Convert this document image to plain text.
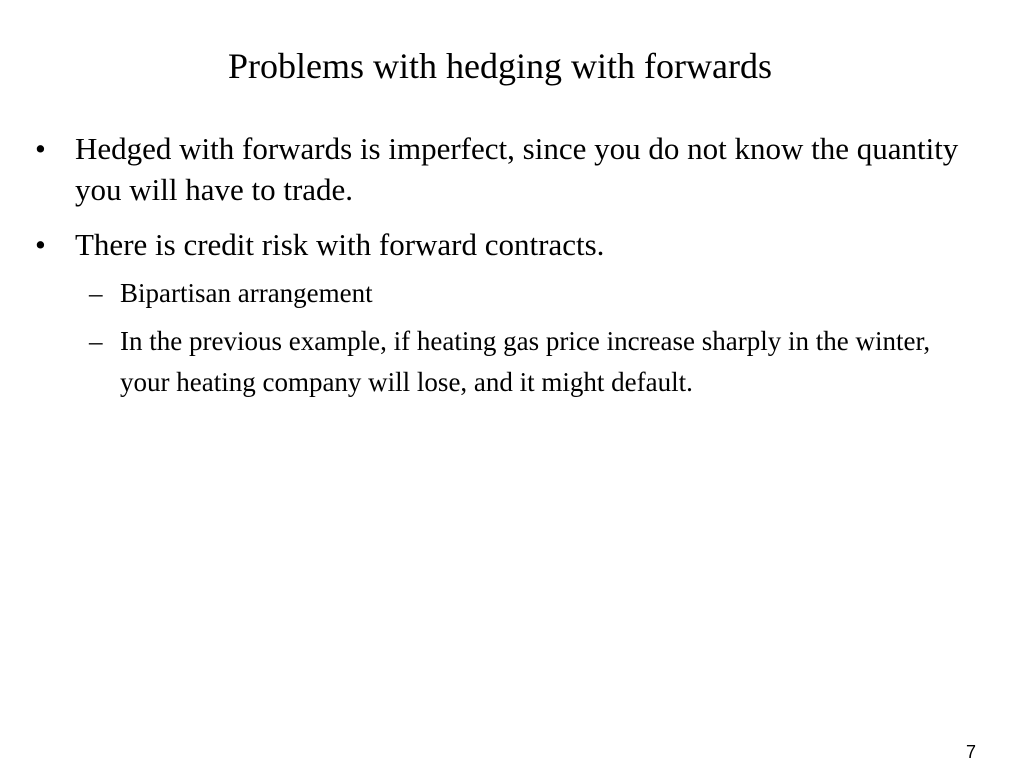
Problems with hedging with forwards
• Hedged with forwards is imperfect, since you do not know the quantity you will have to trade.
• There is credit risk with forward contracts.
– Bipartisan arrangement
– In the previous example, if heating gas price increase sharply in the winter, your heating company will lose, and it might default.
7
